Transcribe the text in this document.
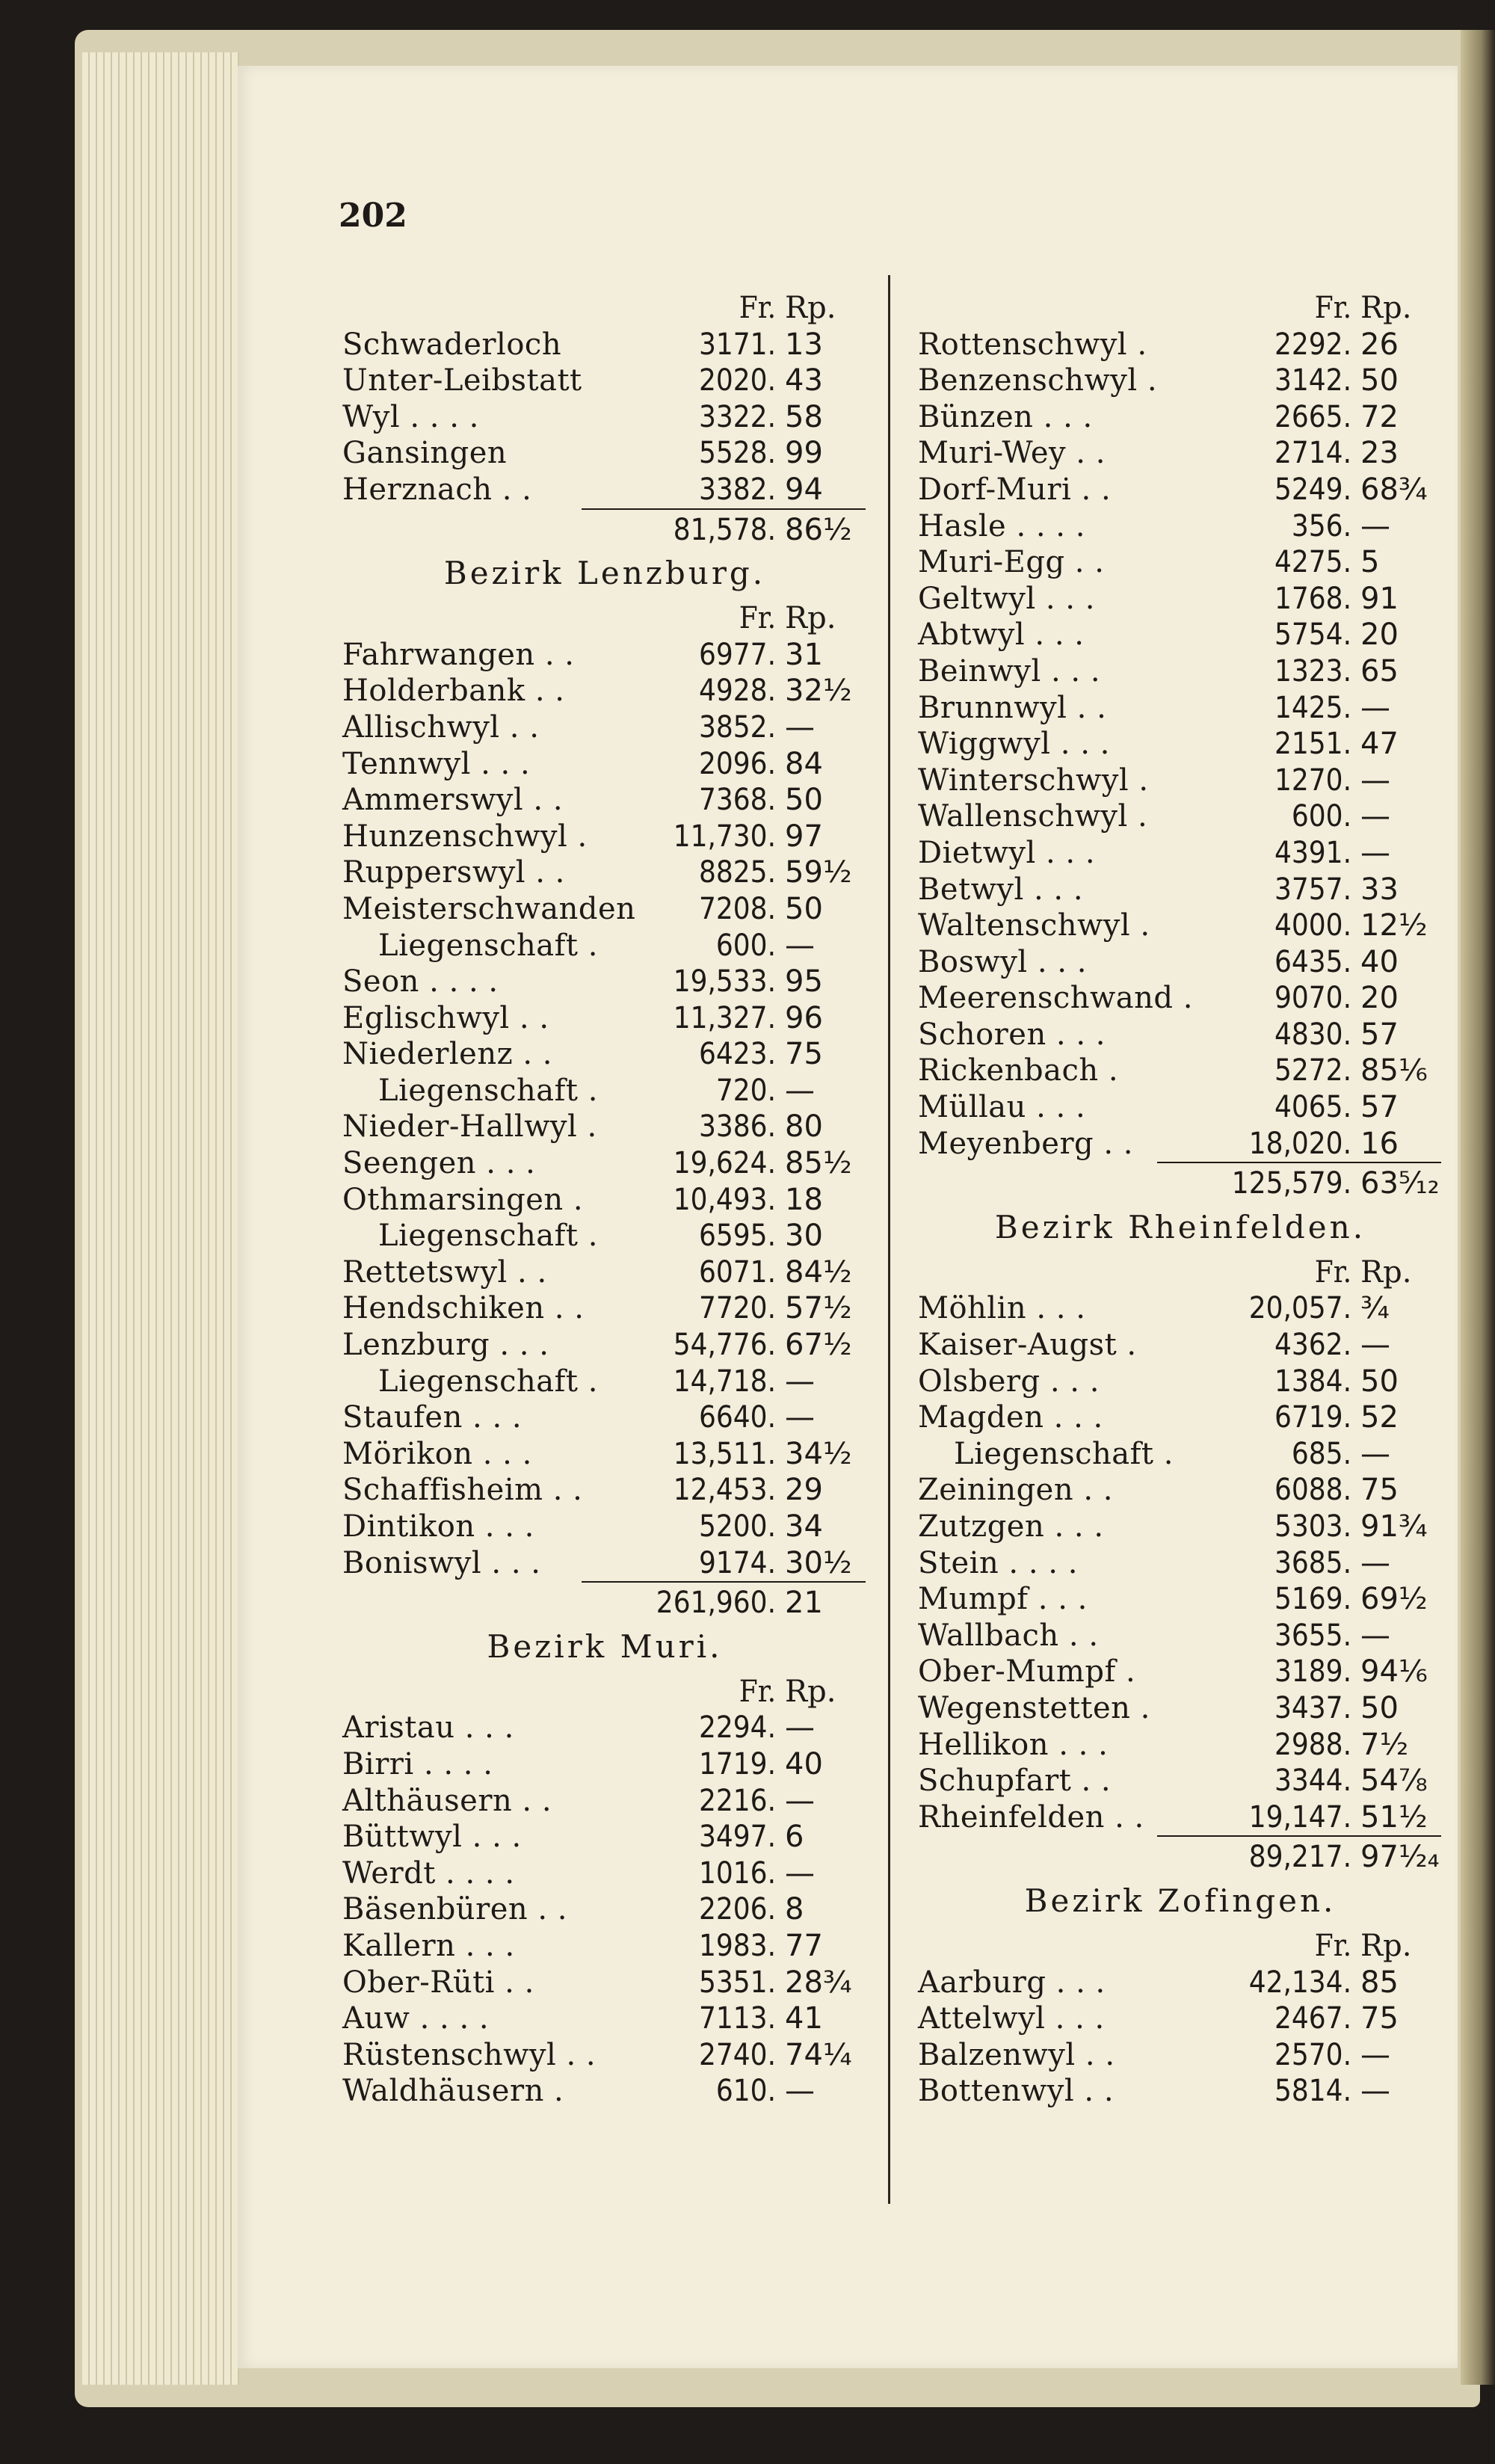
202
Fr. Rp.
Schwaderloch	3171. 13
Unter-Leibstatt	2020. 43
Wyl . . . .	3322. 58
Gansingen	5528. 99
Herznach . .	3382. 94
81,578. 86½
Bezirk Lenzburg.
Fr. Rp.
Fahrwangen . .	6977. 31
Holderbank . .	4928. 32½
Allischwyl . .	3852. —
Tennwyl . . .	2096. 84
Ammerswyl . .	7368. 50
Hunzenschwyl .	11,730. 97
Rupperswyl . .	8825. 59½
Meisterschwanden 7208. 50
Liegenschaft .	600. —
Seon . . . .	19,533. 95
Eglischwyl . .	11,327. 96
Niederlenz . .	6423. 75
Liegenschaft .	720. —
Nieder-Hallwyl .	3386. 80
Seengen . . .	19,624. 85½
Othmarsingen .	10,493. 18
Liegenschaft .	6595. 30
Rettetswyl . .	6071. 84½
Hendschiken . .	7720. 57½
Lenzburg . . .	54,776. 67½
Liegenschaft .	14,718. —
Staufen . . .	6640. —
Mörikon . . .	13,511. 34½
Schaffisheim . .	12,453. 29
Dintikon . . .	5200. 34
Boniswyl . . .	9174. 30½
261,960. 21
Bezirk Muri.
Fr. Rp.
Aristau . . .	2294. —
Birri . . . .	1719. 40
Althäusern . .	2216. —
Büttwyl . . .	3497. 6
Werdt . . . .	1016. —
Bäsenbüren . .	2206. 8
Kallern . . .	1983. 77
Ober-Rüti . .	5351. 28¾
Auw . . . .	7113. 41
Rüstenschwyl . .	2740. 74¼
Waldhäusern .	610. —
Fr. Rp.
Rottenschwyl .	2292. 26
Benzenschwyl .	3142. 50
Bünzen . . .	2665. 72
Muri-Wey . .	2714. 23
Dorf-Muri . .	5249. 68¾
Hasle . . . .	356. —
Muri-Egg . .	4275. 5
Geltwyl . . .	1768. 91
Abtwyl . . .	5754. 20
Beinwyl . . .	1323. 65
Brunnwyl . .	1425. —
Wiggwyl . . .	2151. 47
Winterschwyl .	1270. —
Wallenschwyl .	600. —
Dietwyl . . .	4391. —
Betwyl . . .	3757. 33
Waltenschwyl .	4000. 12½
Boswyl . . .	6435. 40
Meerenschwand .	9070. 20
Schoren . . .	4830. 57
Rickenbach .	5272. 85⅙
Müllau . . .	4065. 57
Meyenberg . .	18,020. 16
125,579. 63⁵⁄₁₂
Bezirk Rheinfelden.
Fr. Rp.
Möhlin . . .	20,057. ¾
Kaiser-Augst .	4362. —
Olsberg . . .	1384. 50
Magden . . .	6719. 52
Liegenschaft .	685. —
Zeiningen . .	6088. 75
Zutzgen . . .	5303. 91¾
Stein . . . .	3685. —
Mumpf . . .	5169. 69½
Wallbach . .	3655. —
Ober-Mumpf .	3189. 94⅙
Wegenstetten .	3437. 50
Hellikon . . .	2988. 7½
Schupfart . .	3344. 54⅞
Rheinfelden . .	19,147. 51½
89,217. 97¹⁄₂₄
Bezirk Zofingen.
Fr. Rp.
Aarburg . . .	42,134. 85
Attelwyl . . .	2467. 75
Balzenwyl . .	2570. —
Bottenwyl . .	5814. —
